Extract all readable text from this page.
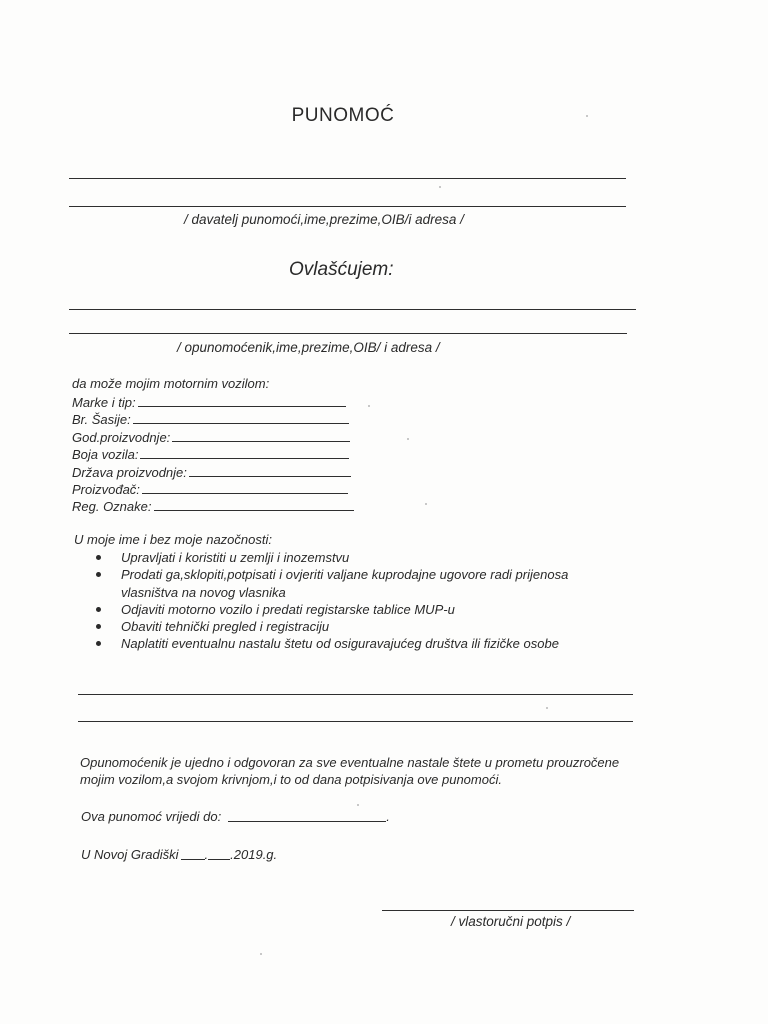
PUNOMOĆ
/ davatelj punomoći,ime,prezime,OIB/i adresa /
Ovlašćujem:
/ opunomoćenik,ime,prezime,OIB/ i adresa /
da može mojim motornim vozilom:
Marke i tip:
Br. Šasije:
God.proizvodnje:
Boja vozila:
Država proizvodnje:
Proizvođač:
Reg. Oznake:
U moje ime i bez moje nazočnosti:
Upravljati i koristiti u zemlji i inozemstvu
Prodati ga,sklopiti,potpisati i ovjeriti valjane kuprodajne ugovore radi prijenosa vlasništva na novog vlasnika
Odjaviti motorno vozilo i predati registarske tablice MUP-u
Obaviti tehnički pregled i registraciju
Naplatiti eventualnu nastalu štetu od osiguravajućeg društva ili fizičke osobe
Opunomoćenik je ujedno i odgovoran za sve eventualne nastale štete u prometu prouzročene mojim vozilom,a svojom krivnjom,i to od dana potpisivanja ove punomoći.
Ova punomoć vrijedi do:	.
U Novoj Gradiški . .2019.g.
/ vlastoručni potpis /
